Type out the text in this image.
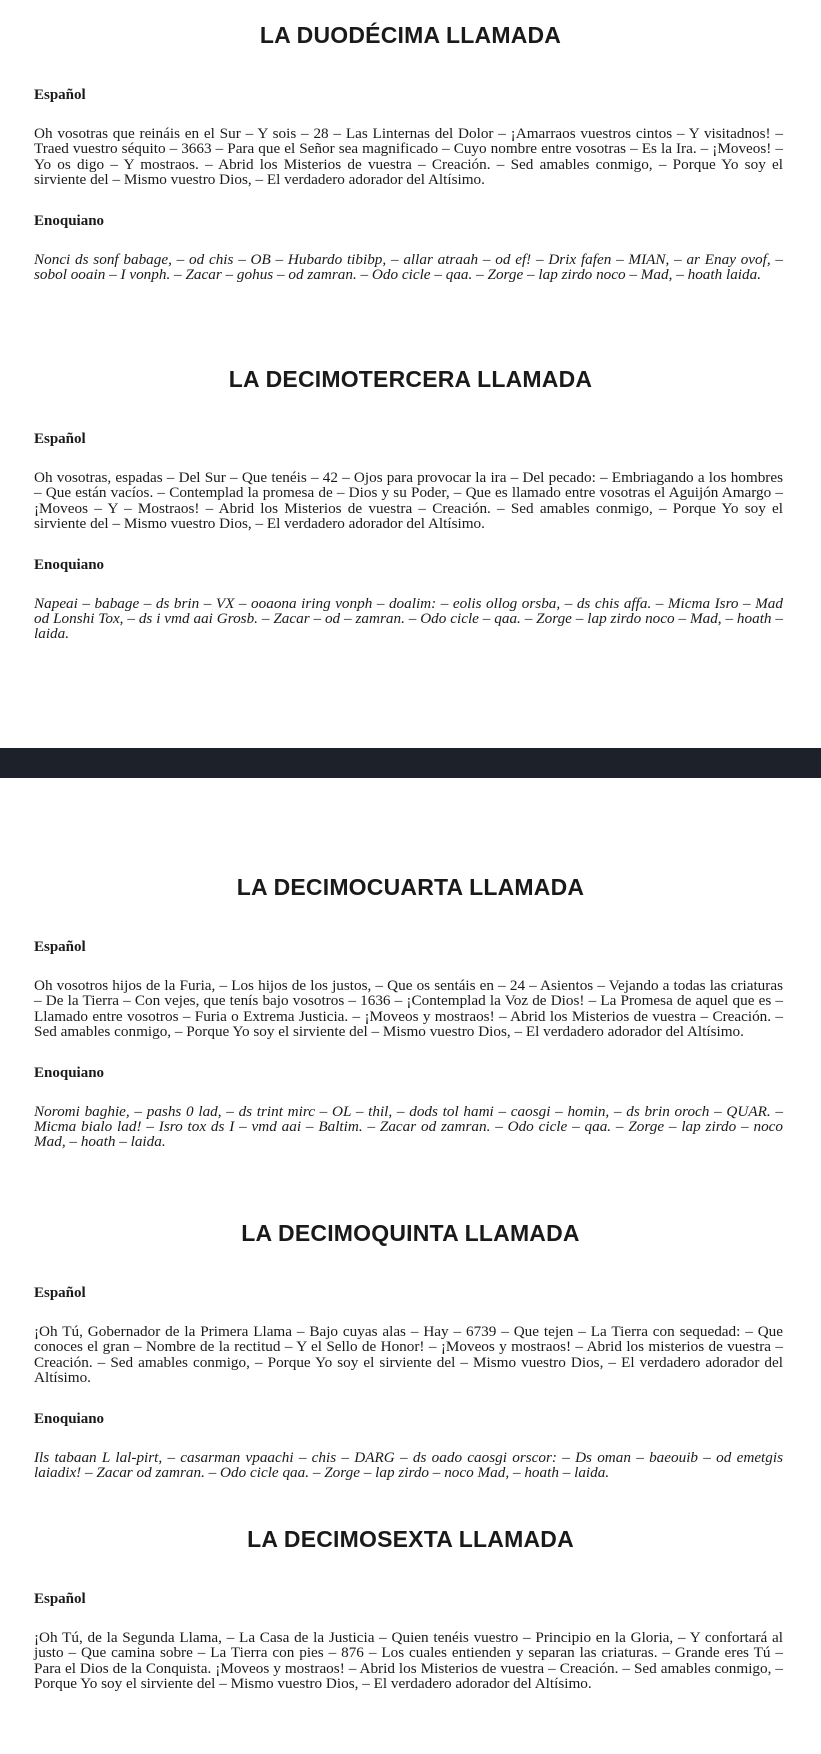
LA DUODÉCIMA LLAMADA
Español
Oh vosotras que reináis en el Sur – Y sois – 28 – Las Linternas del Dolor – ¡Amarraos vuestros cintos – Y visitadnos! – Traed vuestro séquito – 3663 – Para que el Señor sea magnificado – Cuyo nombre entre vosotras – Es la Ira. – ¡Moveos! – Yo os digo – Y mostraos. – Abrid los Misterios de vuestra – Creación. – Sed amables conmigo, – Porque Yo soy el sirviente del – Mismo vuestro Dios, – El verdadero adorador del Altísimo.
Enoquiano
Nonci ds sonf babage, – od chis – OB – Hubardo tibibp, – allar atraah – od ef! – Drix fafen – MIAN, – ar Enay ovof, – sobol ooain – I vonph. – Zacar – gohus – od zamran. – Odo cicle – qaa. – Zorge – lap zirdo noco – Mad, – hoath laida.
LA DECIMOTERCERA LLAMADA
Español
Oh vosotras, espadas – Del Sur – Que tenéis – 42 – Ojos para provocar la ira – Del pecado: – Embriagando a los hombres – Que están vacíos. – Contemplad la promesa de – Dios y su Poder, – Que es llamado entre vosotras el Aguijón Amargo – ¡Moveos – Y – Mostraos! – Abrid los Misterios de vuestra – Creación. – Sed amables conmigo, – Porque Yo soy el sirviente del – Mismo vuestro Dios, – El verdadero adorador del Altísimo.
Enoquiano
Napeai – babage – ds brin – VX – ooaona iring vonph – doalim: – eolis ollog orsba, – ds chis affa. – Micma Isro – Mad od Lonshi Tox, – ds i vmd aai Grosb. – Zacar – od – zamran. – Odo cicle – qaa. – Zorge – lap zirdo noco – Mad, – hoath – laida.
LA DECIMOCUARTA LLAMADA
Español
Oh vosotros hijos de la Furia, – Los hijos de los justos, – Que os sentáis en – 24 – Asientos – Vejando a todas las criaturas – De la Tierra – Con vejes, que tenís bajo vosotros – 1636 – ¡Contemplad la Voz de Dios! – La Promesa de aquel que es – Llamado entre vosotros – Furia o Extrema Justicia. – ¡Moveos y mostraos! – Abrid los Misterios de vuestra – Creación. – Sed amables conmigo, – Porque Yo soy el sirviente del – Mismo vuestro Dios, – El verdadero adorador del Altísimo.
Enoquiano
Noromi baghie, – pashs 0 lad, – ds trint mirc – OL – thil, – dods tol hami – caosgi – homin, – ds brin oroch – QUAR. – Micma bialo lad! – Isro tox ds I – vmd aai – Baltim. – Zacar od zamran. – Odo cicle – qaa. – Zorge – lap zirdo – noco Mad, – hoath – laida.
LA DECIMOQUINTA LLAMADA
Español
¡Oh Tú, Gobernador de la Primera Llama – Bajo cuyas alas – Hay – 6739 – Que tejen – La Tierra con sequedad: – Que conoces el gran – Nombre de la rectitud – Y el Sello de Honor! – ¡Moveos y mostraos! – Abrid los misterios de vuestra – Creación. – Sed amables conmigo, – Porque Yo soy el sirviente del – Mismo vuestro Dios, – El verdadero adorador del Altísimo.
Enoquiano
Ils tabaan L lal-pirt, – casarman vpaachi – chis – DARG – ds oado caosgi orscor: – Ds oman – baeouib – od emetgis laiadix! – Zacar od zamran. – Odo cicle qaa. – Zorge – lap zirdo – noco Mad, – hoath – laida.
LA DECIMOSEXTA LLAMADA
Español
¡Oh Tú, de la Segunda Llama, – La Casa de la Justicia – Quien tenéis vuestro – Principio en la Gloria, – Y confortará al justo – Que camina sobre – La Tierra con pies – 876 – Los cuales entienden y separan las criaturas. – Grande eres Tú – Para el Dios de la Conquista. ¡Moveos y mostraos! – Abrid los Misterios de vuestra – Creación. – Sed amables conmigo, – Porque Yo soy el sirviente del – Mismo vuestro Dios, – El verdadero adorador del Altísimo.
